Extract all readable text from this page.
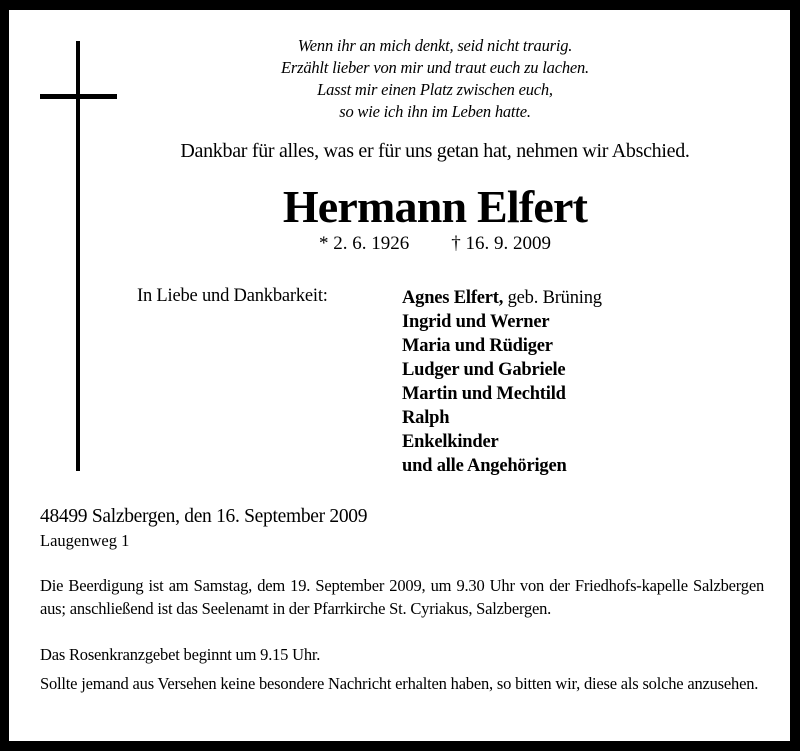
Wenn ihr an mich denkt, seid nicht traurig.
Erzählt lieber von mir und traut euch zu lachen.
Lasst mir einen Platz zwischen euch,
so wie ich ihn im Leben hatte.
Dankbar für alles, was er für uns getan hat, nehmen wir Abschied.
Hermann Elfert
* 2. 6. 1926 † 16. 9. 2009
In Liebe und Dankbarkeit:	Agnes Elfert, geb. Brüning
Ingrid und Werner
Maria und Rüdiger
Ludger und Gabriele
Martin und Mechtild
Ralph
Enkelkinder
und alle Angehörigen
48499 Salzbergen, den 16. September 2009
Laugenweg 1
Die Beerdigung ist am Samstag, dem 19. September 2009, um 9.30 Uhr von der Friedhofs-kapelle Salzbergen aus; anschließend ist das Seelenamt in der Pfarrkirche St. Cyriakus, Salzbergen.
Das Rosenkranzgebet beginnt um 9.15 Uhr.
Sollte jemand aus Versehen keine besondere Nachricht erhalten haben, so bitten wir, diese als solche anzusehen.
